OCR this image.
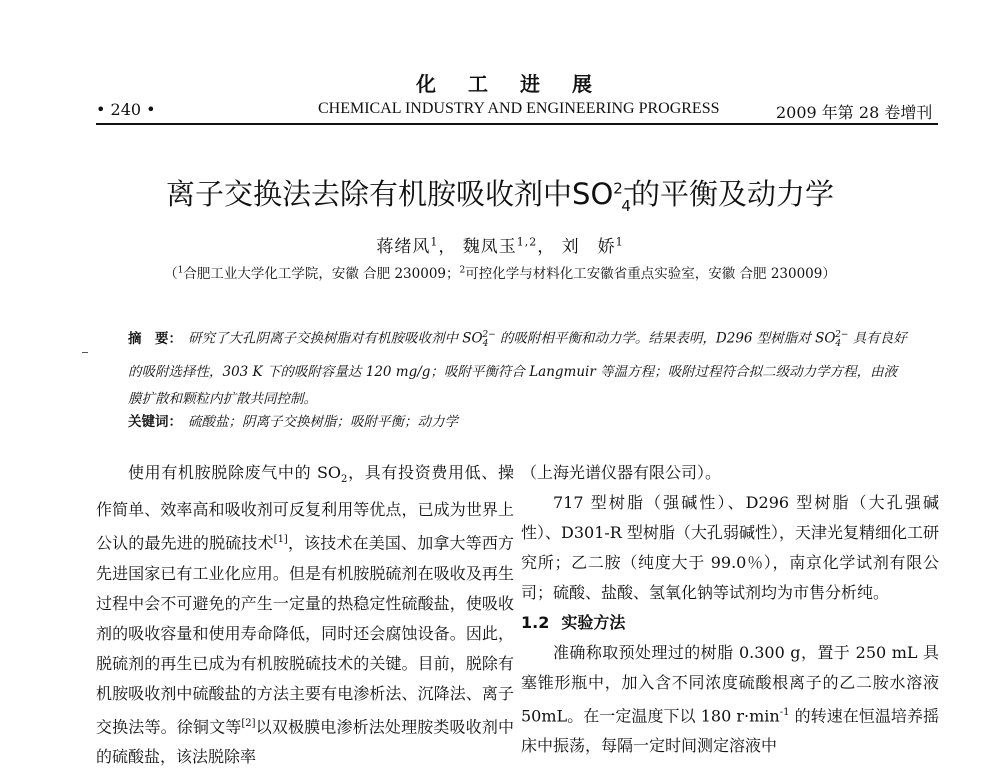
化工进展
• 240 •	CHEMICAL INDUSTRY AND ENGINEERING PROGRESS	2009 年第 28 卷增刊
离子交换法去除有机胺吸收剂中$SO^{2-}_4$的平衡及动力学
蒋绪风$^1$， 魏凤玉$^{1,2}$， 刘　娇$^1$
（$^1$合肥工业大学化工学院，安徽 合肥 230009；$^2$可控化学与材料化工安徽省重点实验室，安徽 合肥 230009）
摘　要： 研究了大孔阴离子交换树脂对有机胺吸收剂中 $SO_4^{2-}$ 的吸附相平衡和动力学。结果表明，D296 型树脂对 $SO_4^{2-}$ 具有良好的吸附选择性，303 K 下的吸附容量达 120 mg/g；吸附平衡符合 Langmuir 等温方程；吸附过程符合拟二级动力学方程，由液膜扩散和颗粒内扩散共同控制。
关键词： 硫酸盐；阴离子交换树脂；吸附平衡；动力学

使用有机胺脱除废气中的 $SO_2$，具有投资费用低、操作简单、效率高和吸收剂可反复利用等优点，已成为世界上公认的最先进的脱硫技术[1]，该技术在美国、加拿大等西方先进国家已有工业化应用。但是有机胺脱硫剂在吸收及再生过程中会不可避免的产生一定量的热稳定性硫酸盐，使吸收剂的吸收容量和使用寿命降低，同时还会腐蚀设备。因此，脱硫剂的再生已成为有机胺脱硫技术的关键。目前，脱除有机胺吸收剂中硫酸盐的方法主要有电渗析法、沉降法、离子交换法等。徐铜文等[2]以双极膜电渗析法处理胺类吸收剂中的硫酸盐，该法脱除率

（上海光谱仪器有限公司）。

717 型树脂（强碱性）、D296 型树脂（大孔强碱性）、D301-R 型树脂（大孔弱碱性），天津光复精细化工研究所；乙二胺（纯度大于 99.0％），南京化学试剂有限公司；硫酸、盐酸、氢氧化钠等试剂均为市售分析纯。

1.2 实验方法

准确称取预处理过的树脂 0.300 g，置于 250 mL 具塞锥形瓶中，加入含不同浓度硫酸根离子的乙二胺水溶液 50mL。在一定温度下以 180 $r\cdot\min^{-1}$ 的转速在恒温培养摇床中振荡，每隔一定时间测定溶液中
